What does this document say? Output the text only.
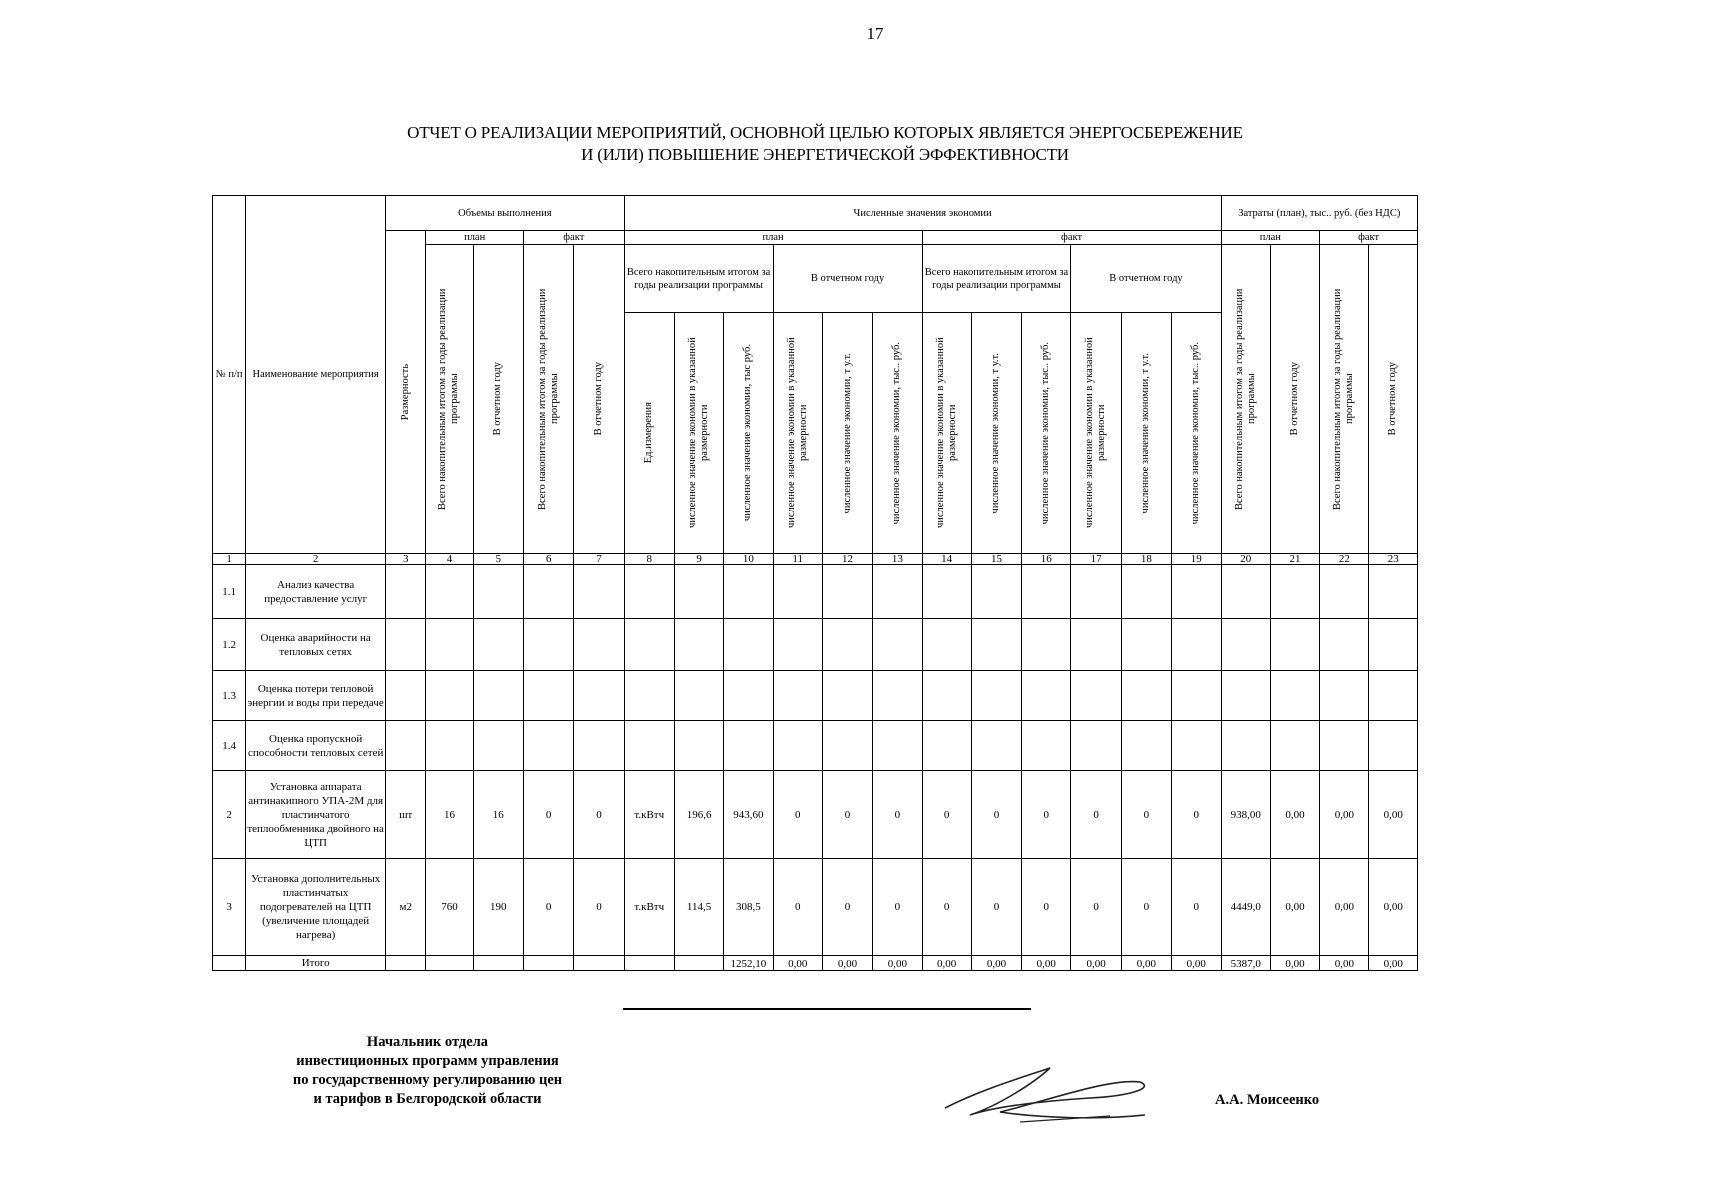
17
ОТЧЕТ О РЕАЛИЗАЦИИ МЕРОПРИЯТИЙ, ОСНОВНОЙ ЦЕЛЬЮ КОТОРЫХ ЯВЛЯЕТСЯ ЭНЕРГОСБЕРЕЖЕНИЕ
И (ИЛИ) ПОВЫШЕНИЕ ЭНЕРГЕТИЧЕСКОЙ ЭФФЕКТИВНОСТИ
№ п/п	Наименование мероприятия	Объемы выполнения					Численные значения экономии												Затраты (план), тыс.. руб. (без НДС)			

		Размерность	план		факт		план						факт						план		факт	

			Всего накопительным итогом за годы реализации программы	В отчетном году	Всего накопительным итогом за годы реализации программы	В отчетном году	Всего накопительным итогом за годы реализации программы			В отчетном году			Всего накопительным итогом за годы реализации программы			В отчетном году			Всего накопительным итогом за годы реализации программы	В отчетном году	Всего накопительным итогом за годы реализации программы	В отчетном году

							Ед.измерения	численное значение экономии в указанной размерности	численное значение экономии, тыс руб.	численное значение экономии в указанной размерности	численное значение экономии, т у.т.	численное значение экономии, тыс.. руб.	численное значение экономии в указанной размерности	численное значение экономии, т у.т.	численное значение экономии, тыс.. руб.	численное значение экономии в указанной размерности	численное значение экономии, т у.т.	численное значение экономии, тыс.. руб.				

1	2	3	4	5	6	7	8	9	10	11	12	13	14	15	16	17	18	19	20	21	22	23
1.1	Анализ качества предоставление услуг																					
1.2	Оценка аварийности на тепловых сетях																					
1.3	Оценка потери тепловой энергии и воды при передаче																					
1.4	Оценка пропускной способности тепловых сетей																					
2	Установка аппарата антинакипного УПА-2М для пластинчатого теплообменника двойного на ЦТП	шт	16	16	0	0	т.кВтч	196,6	943,60	0	0	0	0	0	0	0	0	0	938,00	0,00	0,00	0,00
3	Установка дополнительных пластинчатых подогревателей на ЦТП (увеличение площадей нагрева)	м2	760	190	0	0	т.кВтч	114,5	308,5	0	0	0	0	0	0	0	0	0	4449,0	0,00	0,00	0,00
	Итого								1252,10	0,00	0,00	0,00	0,00	0,00	0,00	0,00	0,00	0,00	5387,0	0,00	0,00	0,00
Начальник отдела
инвестиционных программ управления
по государственному регулированию цен
и тарифов в Белгородской области	А.А. Моисеенко
